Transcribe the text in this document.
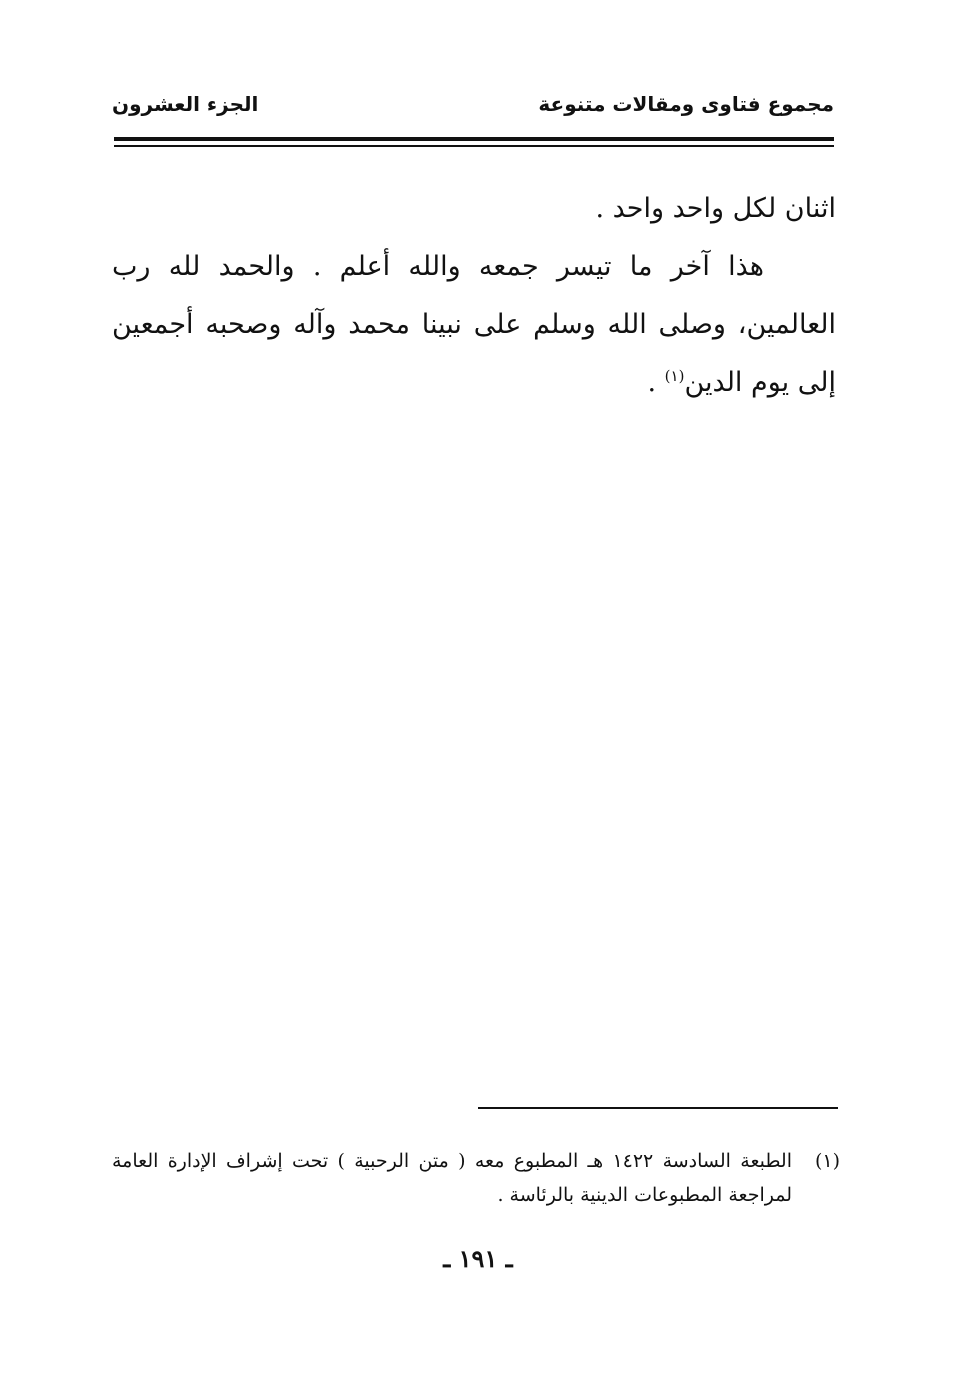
مجموع فتاوى ومقالات متنوعة
الجزء العشرون

اثنان لكل واحد واحد .

هذا آخر ما تيسر جمعه والله أعلم . والحمد لله رب العالمين، وصلى الله وسلم على نبينا محمد وآله وصحبه أجمعين إلى يوم الدين$^{(١)}$ .

(١)
الطبعة السادسة ١٤٢٢ هـ المطبوع معه ( متن الرحبية ) تحت إشراف الإدارة العامة لمراجعة المطبوعات الدينية بالرئاسة .
ـ ١٩١ ـ
